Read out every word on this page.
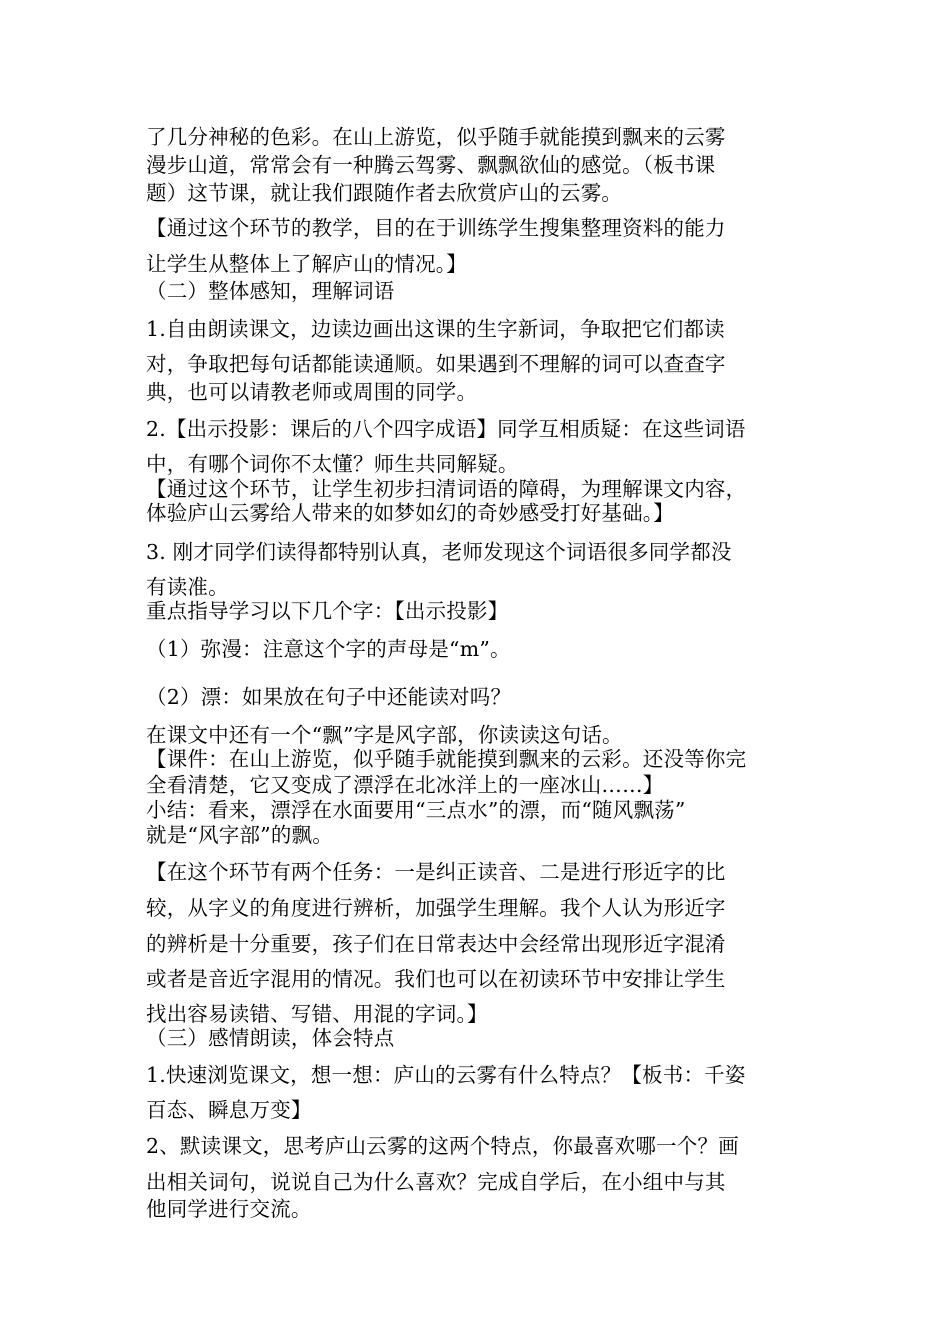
了几分神秘的色彩。在山上游览，似乎随手就能摸到飘来的云雾
漫步山道，常常会有一种腾云驾雾、飘飘欲仙的感觉。（板书课
题）这节课，就让我们跟随作者去欣赏庐山的云雾。
【通过这个环节的教学，目的在于训练学生搜集整理资料的能力
让学生从整体上了解庐山的情况。】
（二）整体感知，理解词语
1.自由朗读课文，边读边画出这课的生字新词，争取把它们都读
对，争取把每句话都能读通顺。如果遇到不理解的词可以查查字
典，也可以请教老师或周围的同学。
2.【出示投影：课后的八个四字成语】同学互相质疑：在这些词语
中，有哪个词你不太懂？师生共同解疑。
【通过这个环节，让学生初步扫清词语的障碍，为理解课文内容，
体验庐山云雾给人带来的如梦如幻的奇妙感受打好基础。】
3. 刚才同学们读得都特别认真，老师发现这个词语很多同学都没
有读准。
重点指导学习以下几个字：【出示投影】
（1）弥漫：注意这个字的声母是“m”。
（2）漂：如果放在句子中还能读对吗？
在课文中还有一个“飘”字是风字部，你读读这句话。
【课件：在山上游览，似乎随手就能摸到飘来的云彩。还没等你完
全看清楚，它又变成了漂浮在北冰洋上的一座冰山……】
小结：看来，漂浮在水面要用“三点水”的漂，而“随风飘荡”
就是“风字部”的飘。
【在这个环节有两个任务：一是纠正读音、二是进行形近字的比
较，从字义的角度进行辨析，加强学生理解。我个人认为形近字
的辨析是十分重要，孩子们在日常表达中会经常出现形近字混淆
或者是音近字混用的情况。我们也可以在初读环节中安排让学生
找出容易读错、写错、用混的字词。】
（三）感情朗读，体会特点
1.快速浏览课文，想一想：庐山的云雾有什么特点？【板书：千姿
百态、瞬息万变】
2、默读课文，思考庐山云雾的这两个特点，你最喜欢哪一个？画
出相关词句，说说自己为什么喜欢？完成自学后，在小组中与其
他同学进行交流。
